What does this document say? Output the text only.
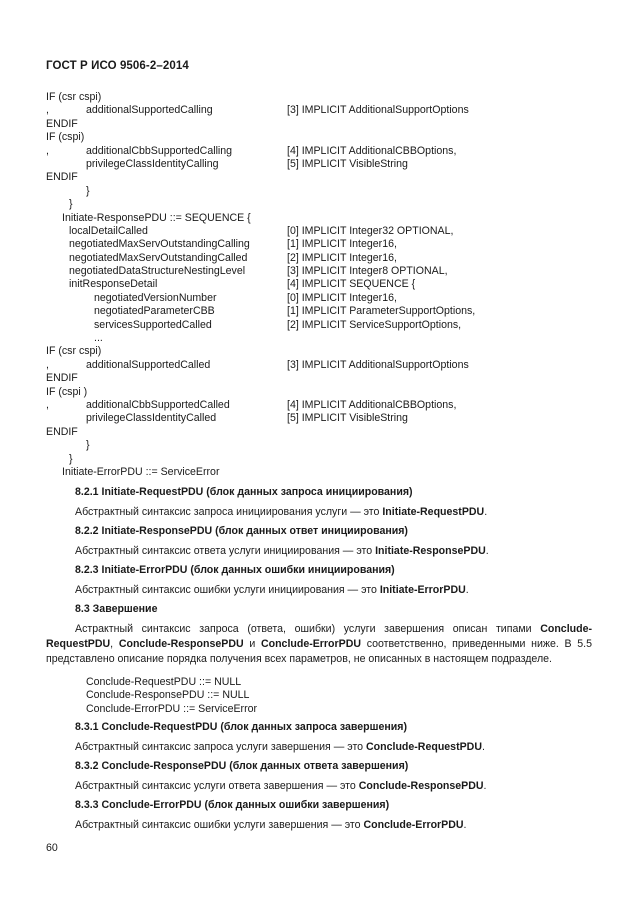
ГОСТ Р ИСО 9506-2–2014
IF (csr cspi)
,	additionalSupportedCalling	[3] IMPLICIT AdditionalSupportOptions
ENDIF
IF (cspi)
,	additionalCbbSupportedCalling	[4] IMPLICIT AdditionalCBBOptions,
privilegeClassIdentityCalling	[5] IMPLICIT VisibleString
ENDIF
}
}
Initiate-ResponsePDU ::= SEQUENCE {
localDetailCalled	[0] IMPLICIT Integer32 OPTIONAL,
negotiatedMaxServOutstandingCalling	[1] IMPLICIT Integer16,
negotiatedMaxServOutstandingCalled	[2] IMPLICIT Integer16,
negotiatedDataStructureNestingLevel	[3] IMPLICIT Integer8 OPTIONAL,
initResponseDetail	[4] IMPLICIT SEQUENCE {
negotiatedVersionNumber	[0] IMPLICIT Integer16,
negotiatedParameterCBB	[1] IMPLICIT ParameterSupportOptions,
servicesSupportedCalled	[2] IMPLICIT ServiceSupportOptions,
...
IF (csr cspi)
,	additionalSupportedCalled	[3] IMPLICIT AdditionalSupportOptions
ENDIF
IF (cspi )
,	additionalCbbSupportedCalled	[4] IMPLICIT AdditionalCBBOptions,
privilegeClassIdentityCalled	[5] IMPLICIT VisibleString
ENDIF
}
}
Initiate-ErrorPDU ::= ServiceError
8.2.1 Initiate-RequestPDU (блок данных запроса инициирования)
Абстрактный синтаксис запроса инициирования услуги — это Initiate-RequestPDU.
8.2.2 Initiate-ResponsePDU (блок данных ответ инициирования)
Абстрактный синтаксис ответа услуги инициирования — это Initiate-ResponsePDU.
8.2.3 Initiate-ErrorPDU (блок данных ошибки инициирования)
Абстрактный синтаксис ошибки услуги инициирования — это Initiate-ErrorPDU.
8.3 Завершение
Астрактный синтаксис запроса (ответа, ошибки) услуги завершения описан типами Conclude-RequestPDU, Conclude-ResponsePDU и Conclude-ErrorPDU соответственно, приведенными ниже. В 5.5 представлено описание порядка получения всех параметров, не описанных в настоящем подразделе.
Conclude-RequestPDU ::= NULL
Conclude-ResponsePDU ::= NULL
Conclude-ErrorPDU ::= ServiceError
8.3.1 Conclude-RequestPDU (блок данных запроса завершения)
Абстрактный синтаксис запроса услуги завершения — это Conclude-RequestPDU.
8.3.2 Conclude-ResponsePDU (блок данных ответа завершения)
Абстрактный синтаксис услуги ответа завершения — это Conclude-ResponsePDU.
8.3.3 Conclude-ErrorPDU (блок данных ошибки завершения)
Абстрактный синтаксис ошибки услуги завершения — это Conclude-ErrorPDU.
60
